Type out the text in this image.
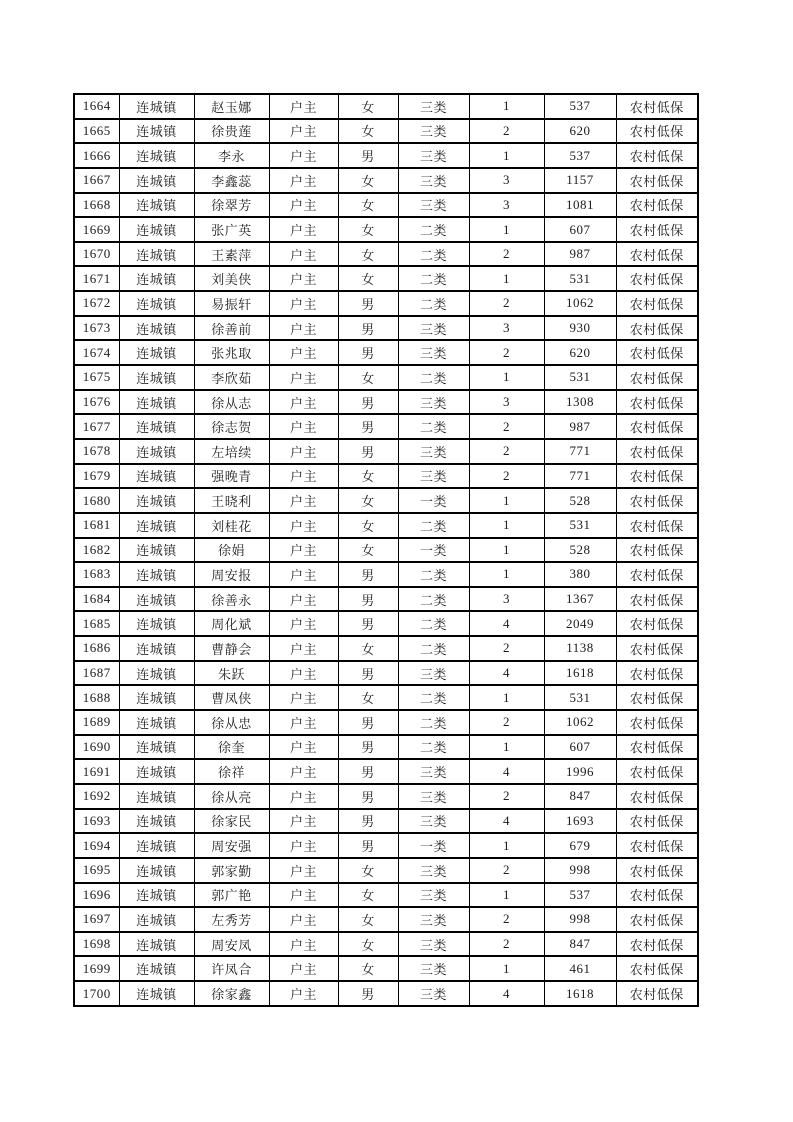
1664	连城镇	赵玉娜	户主	女	三类	1	537	农村低保
1665	连城镇	徐贵莲	户主	女	三类	2	620	农村低保
1666	连城镇	李永	户主	男	三类	1	537	农村低保
1667	连城镇	李鑫蕊	户主	女	三类	3	1157	农村低保
1668	连城镇	徐翠芳	户主	女	三类	3	1081	农村低保
1669	连城镇	张广英	户主	女	二类	1	607	农村低保
1670	连城镇	王素萍	户主	女	二类	2	987	农村低保
1671	连城镇	刘美侠	户主	女	二类	1	531	农村低保
1672	连城镇	易振轩	户主	男	二类	2	1062	农村低保
1673	连城镇	徐善前	户主	男	三类	3	930	农村低保
1674	连城镇	张兆取	户主	男	三类	2	620	农村低保
1675	连城镇	李欣茹	户主	女	二类	1	531	农村低保
1676	连城镇	徐从志	户主	男	三类	3	1308	农村低保
1677	连城镇	徐志贺	户主	男	二类	2	987	农村低保
1678	连城镇	左培续	户主	男	三类	2	771	农村低保
1679	连城镇	强晚青	户主	女	三类	2	771	农村低保
1680	连城镇	王晓利	户主	女	一类	1	528	农村低保
1681	连城镇	刘桂花	户主	女	二类	1	531	农村低保
1682	连城镇	徐娟	户主	女	一类	1	528	农村低保
1683	连城镇	周安报	户主	男	二类	1	380	农村低保
1684	连城镇	徐善永	户主	男	二类	3	1367	农村低保
1685	连城镇	周化斌	户主	男	二类	4	2049	农村低保
1686	连城镇	曹静会	户主	女	二类	2	1138	农村低保
1687	连城镇	朱跃	户主	男	三类	4	1618	农村低保
1688	连城镇	曹凤侠	户主	女	二类	1	531	农村低保
1689	连城镇	徐从忠	户主	男	二类	2	1062	农村低保
1690	连城镇	徐奎	户主	男	二类	1	607	农村低保
1691	连城镇	徐祥	户主	男	三类	4	1996	农村低保
1692	连城镇	徐从亮	户主	男	三类	2	847	农村低保
1693	连城镇	徐家民	户主	男	三类	4	1693	农村低保
1694	连城镇	周安强	户主	男	一类	1	679	农村低保
1695	连城镇	郭家勤	户主	女	三类	2	998	农村低保
1696	连城镇	郭广艳	户主	女	三类	1	537	农村低保
1697	连城镇	左秀芳	户主	女	三类	2	998	农村低保
1698	连城镇	周安凤	户主	女	三类	2	847	农村低保
1699	连城镇	许凤合	户主	女	三类	1	461	农村低保
1700	连城镇	徐家鑫	户主	男	三类	4	1618	农村低保
